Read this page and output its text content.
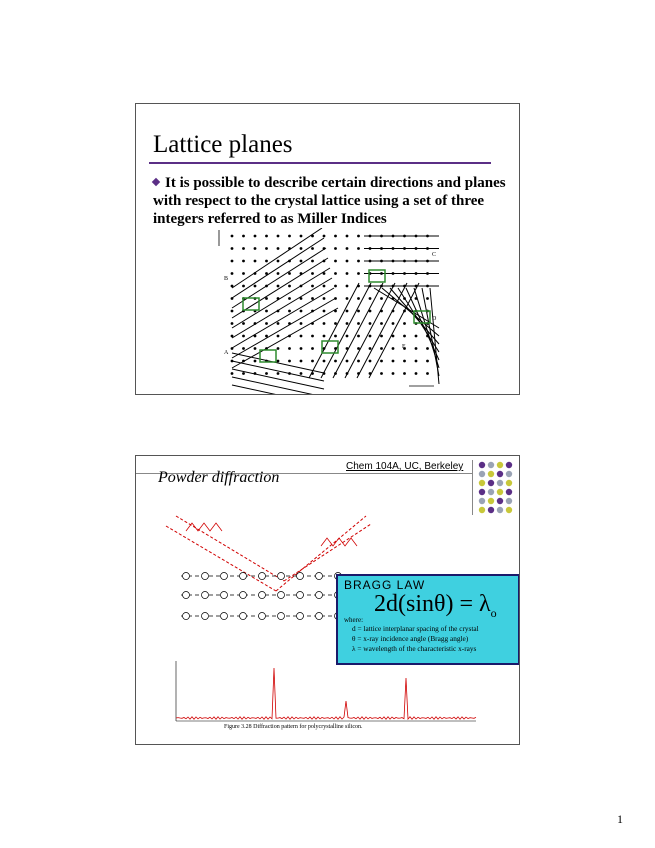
Lattice planes
It is possible to describe certain directions and planes with respect to the crystal lattice using a set of three integers referred to as Miller Indices
B
A
C
D
E
Chem 104A, UC, Berkeley
Powder diffraction
BRAGG LAW
$2d(\sin\theta) = \lambda_o$
where:
d = lattice interplanar spacing of the crystal
θ = x-ray incidence angle (Bragg angle)
λ = wavelength of the characteristic x-rays
Figure 3.28 Diffraction pattern for polycrystalline silicon.
1
